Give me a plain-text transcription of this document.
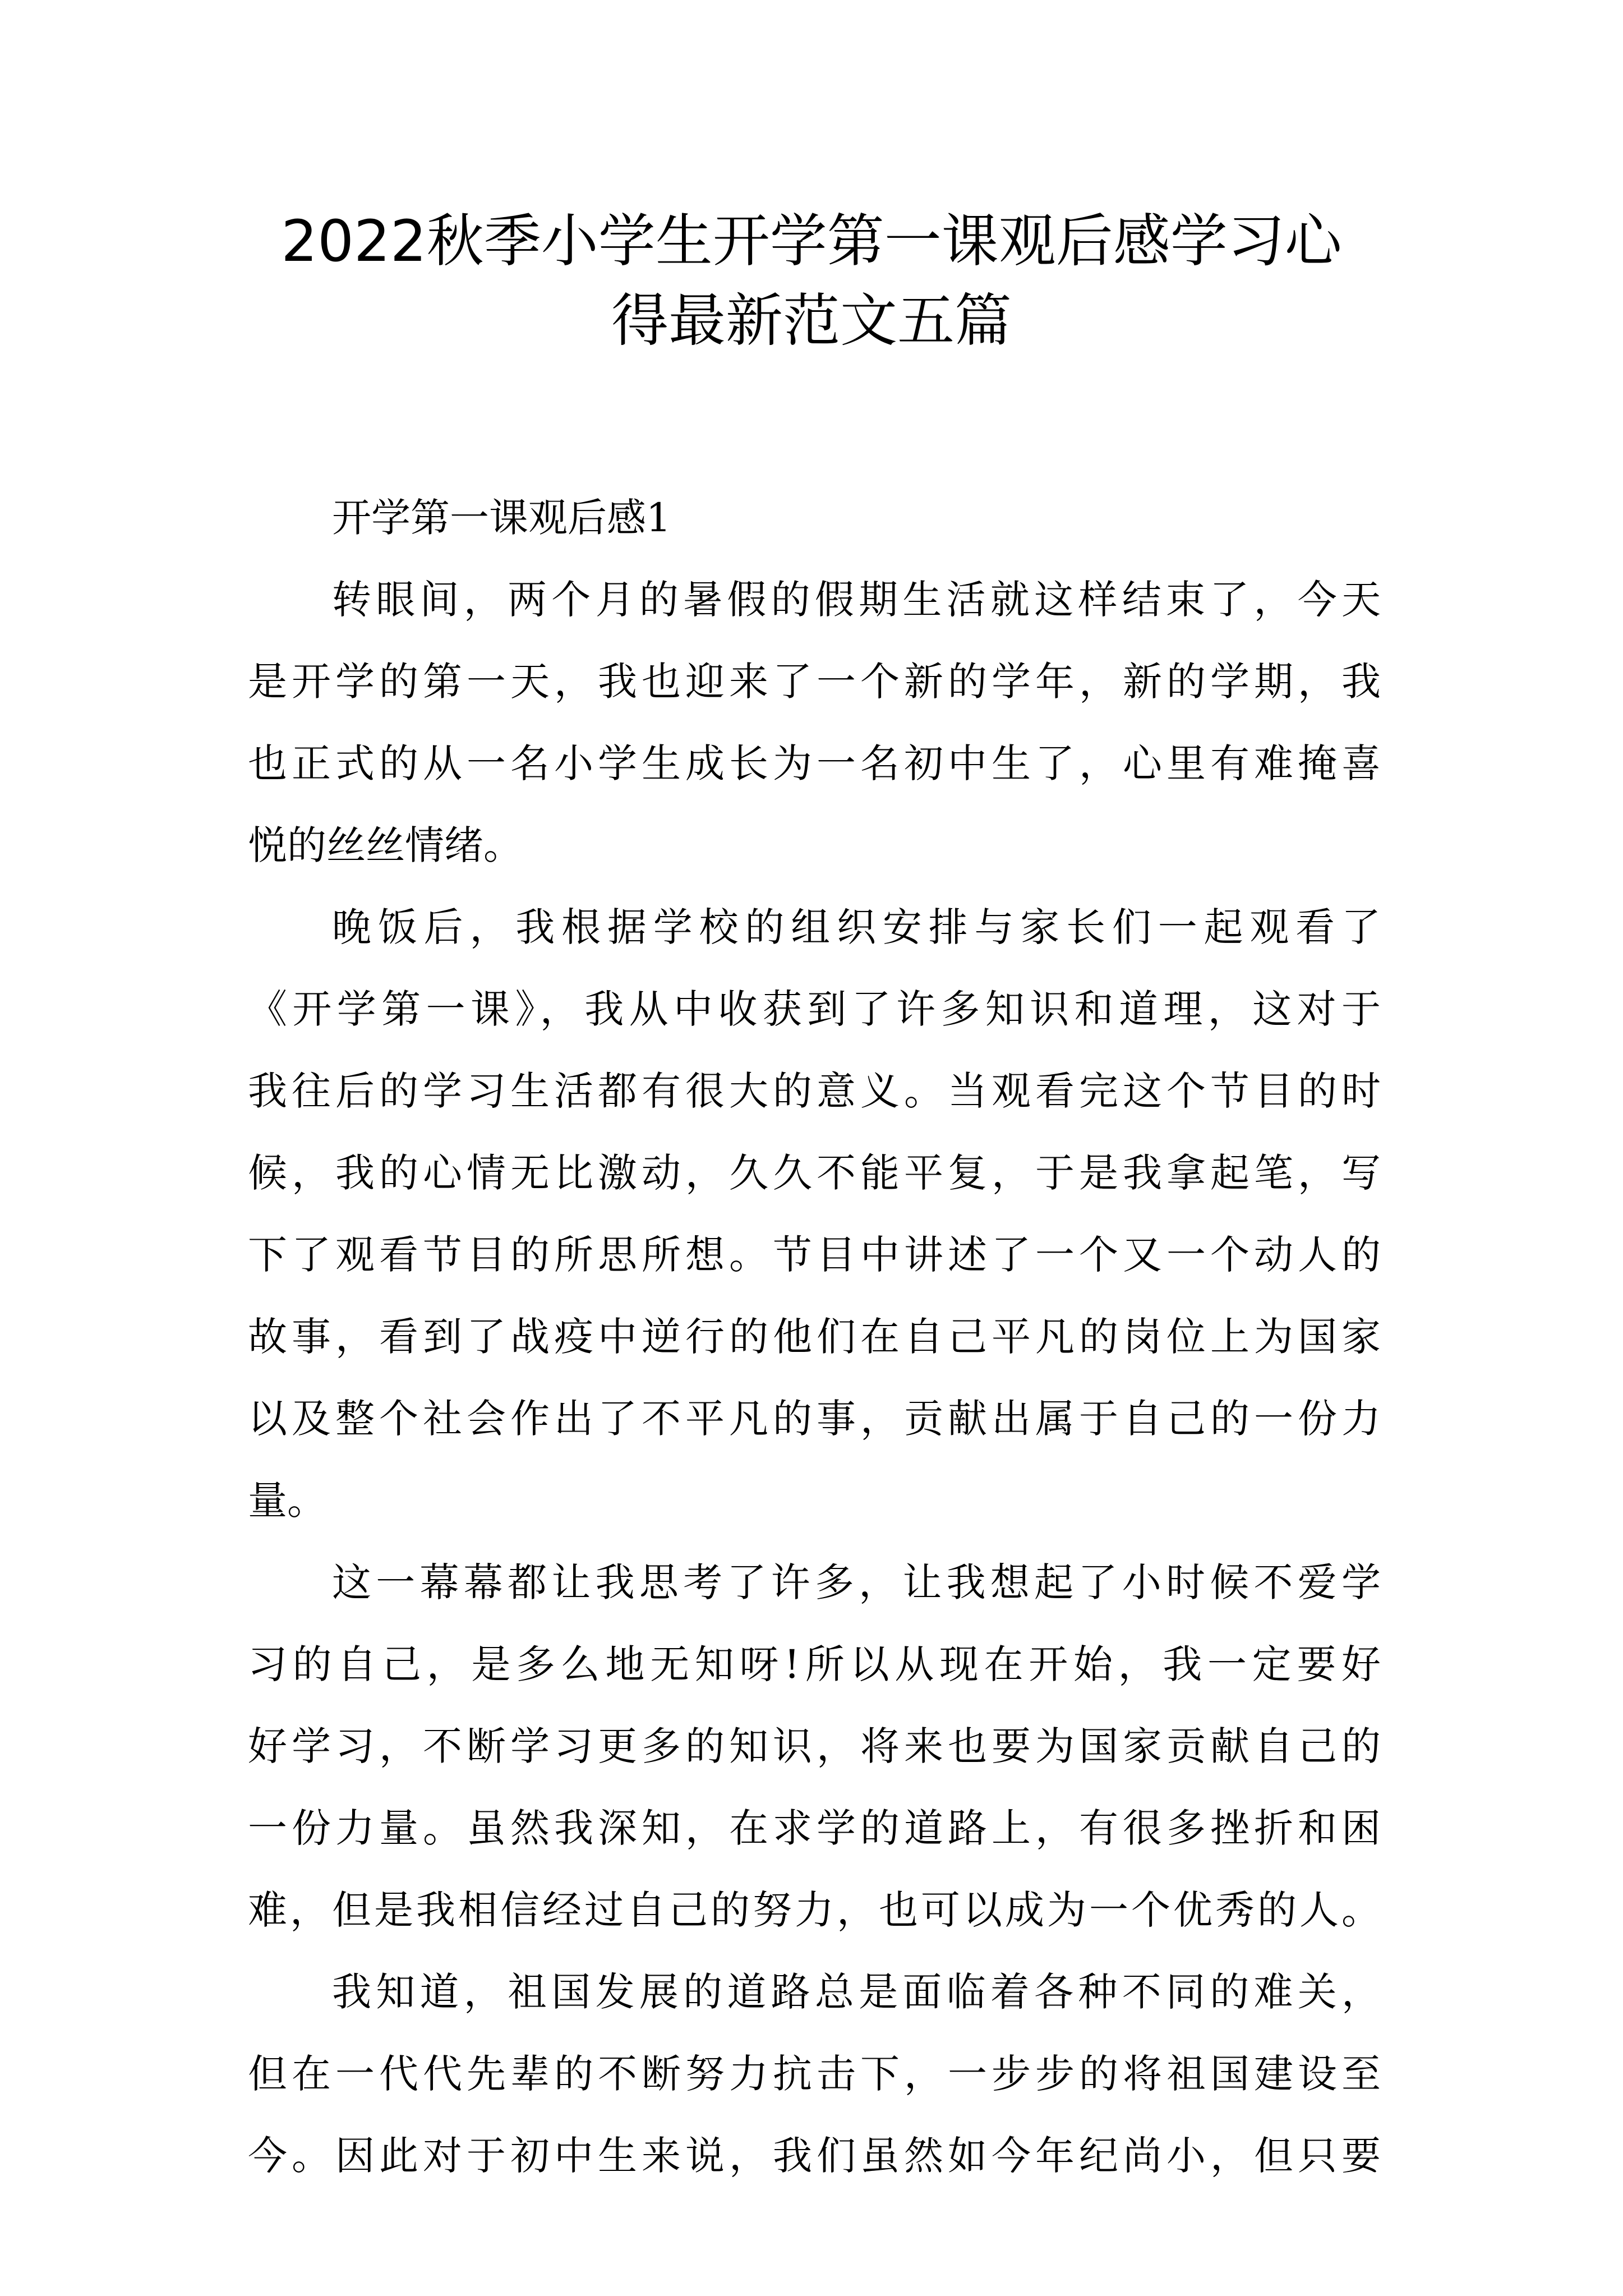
2022秋季小学生开学第一课观后感学习心
得最新范文五篇
开学第一课观后感1
转眼间，两个月的暑假的假期生活就这样结束了，今天
是开学的第一天，我也迎来了一个新的学年，新的学期，我
也正式的从一名小学生成长为一名初中生了，心里有难掩喜
悦的丝丝情绪。
晚饭后，我根据学校的组织安排与家长们一起观看了
《开学第一课》，我从中收获到了许多知识和道理，这对于
我往后的学习生活都有很大的意义。当观看完这个节目的时
候，我的心情无比激动，久久不能平复，于是我拿起笔，写
下了观看节目的所思所想。节目中讲述了一个又一个动人的
故事，看到了战疫中逆行的他们在自己平凡的岗位上为国家
以及整个社会作出了不平凡的事，贡献出属于自己的一份力
量。
这一幕幕都让我思考了许多，让我想起了小时候不爱学
习的自己，是多么地无知呀!所以从现在开始，我一定要好
好学习，不断学习更多的知识，将来也要为国家贡献自己的
一份力量。虽然我深知，在求学的道路上，有很多挫折和困
难，但是我相信经过自己的努力，也可以成为一个优秀的人。
我知道，祖国发展的道路总是面临着各种不同的难关，
但在一代代先辈的不断努力抗击下，一步步的将祖国建设至
今。因此对于初中生来说，我们虽然如今年纪尚小，但只要
